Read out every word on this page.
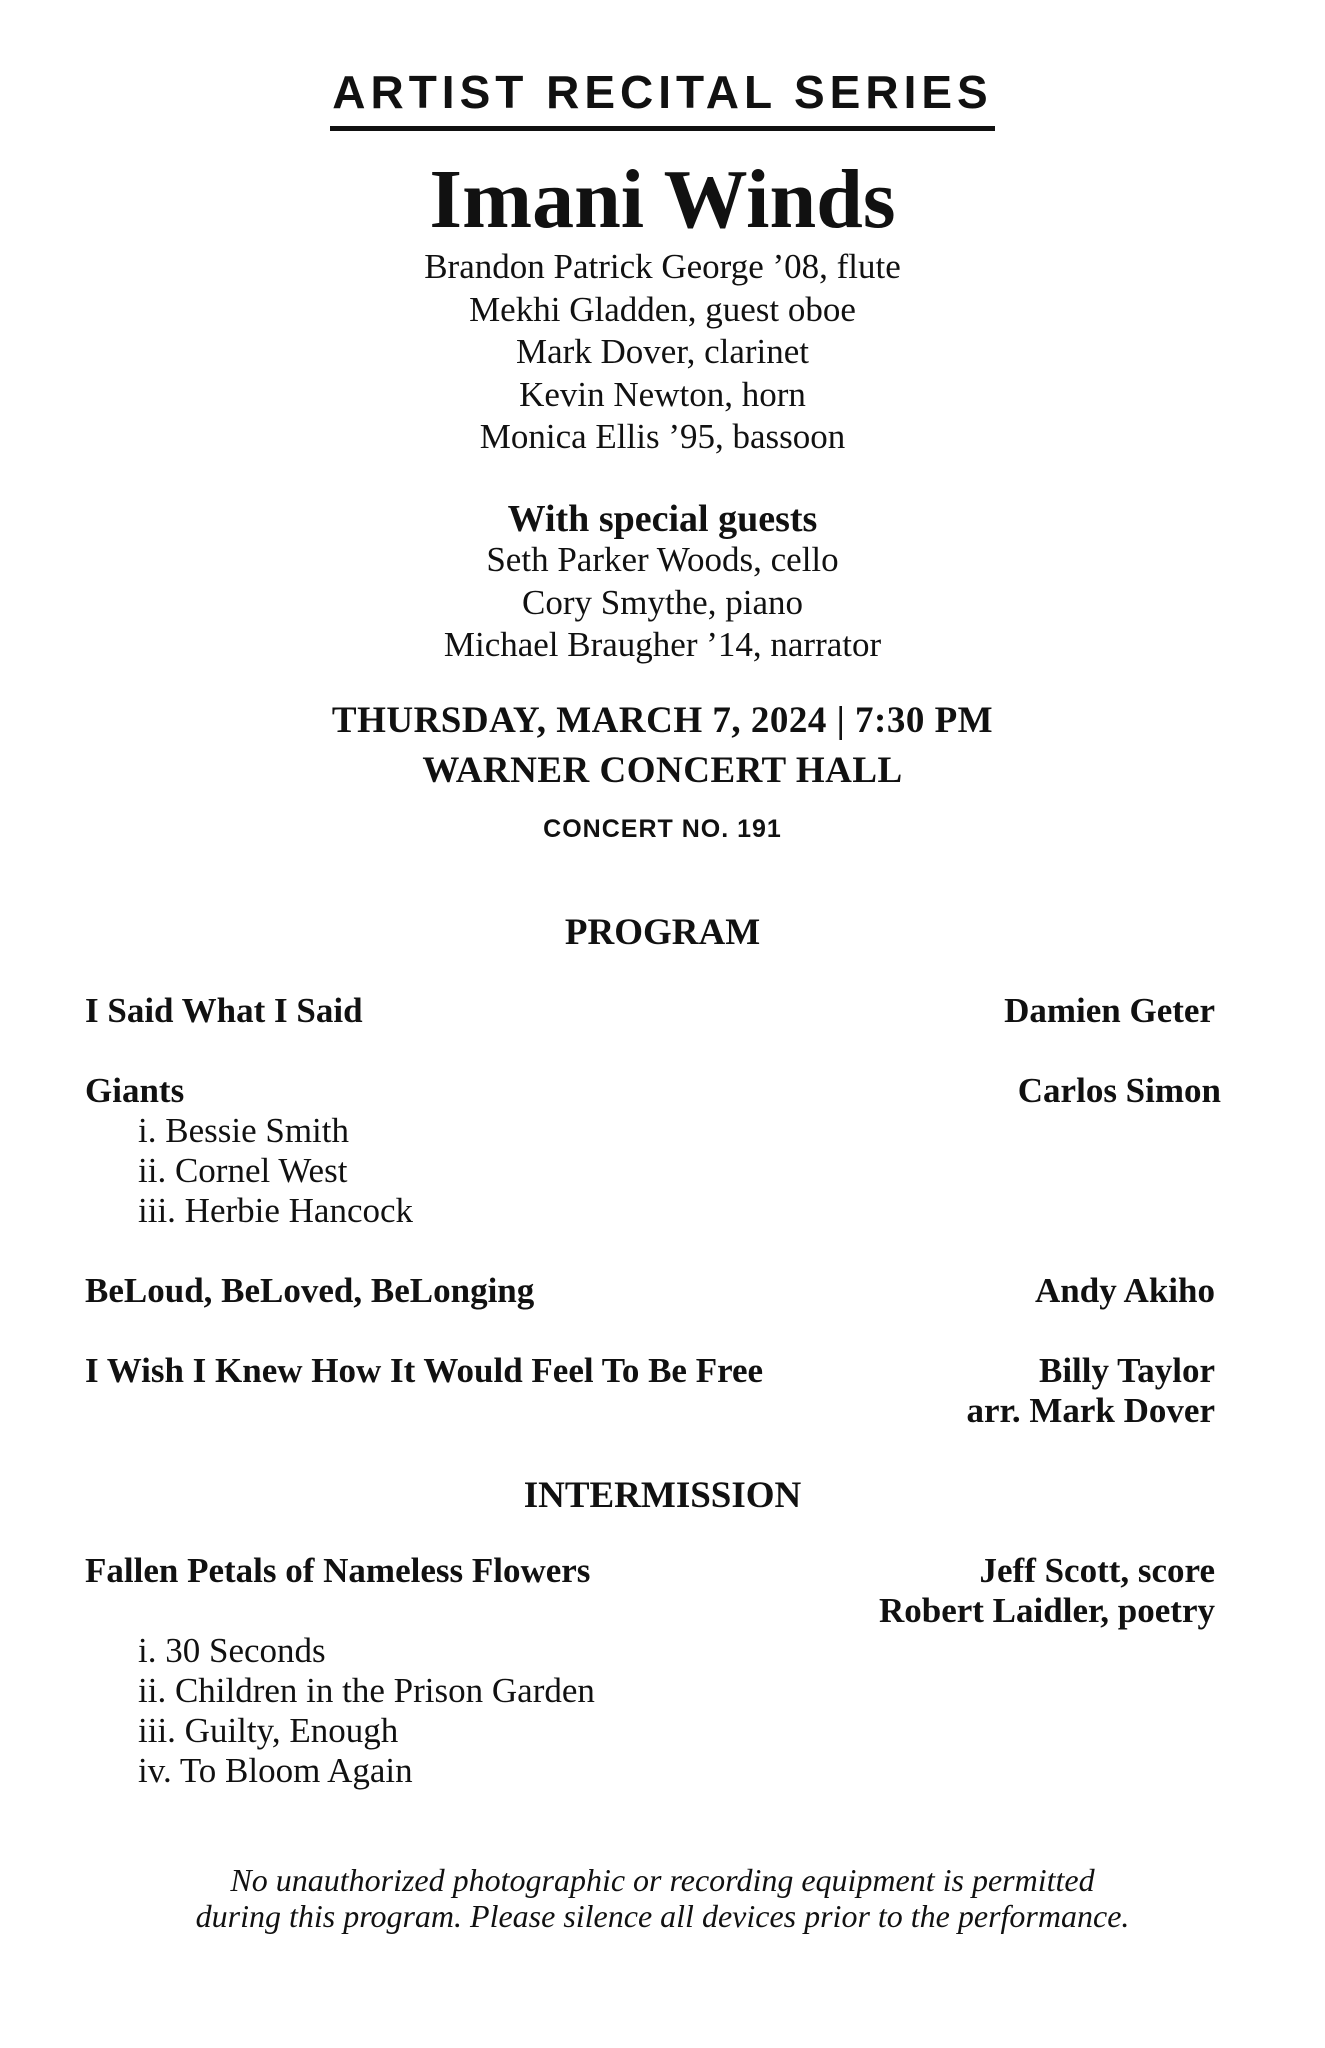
ARTIST RECITAL SERIES
Imani Winds
Brandon Patrick George ’08, flute
Mekhi Gladden, guest oboe
Mark Dover, clarinet
Kevin Newton, horn
Monica Ellis ’95, bassoon
With special guests
Seth Parker Woods, cello
Cory Smythe, piano
Michael Braugher ’14, narrator
THURSDAY, MARCH 7, 2024 | 7:30 PM
WARNER CONCERT HALL
CONCERT NO. 191
PROGRAM
I Said What I Said	Damien Geter
Giants	Carlos Simon
i. Bessie Smith
ii. Cornel West
iii. Herbie Hancock
BeLoud, BeLoved, BeLonging	Andy Akiho
I Wish I Knew How It Would Feel To Be Free	Billy Taylor
arr. Mark Dover
INTERMISSION
Fallen Petals of Nameless Flowers	Jeff Scott, score
Robert Laidler, poetry
i. 30 Seconds
ii. Children in the Prison Garden
iii. Guilty, Enough
iv. To Bloom Again
No unauthorized photographic or recording equipment is permitted
during this program. Please silence all devices prior to the performance.
